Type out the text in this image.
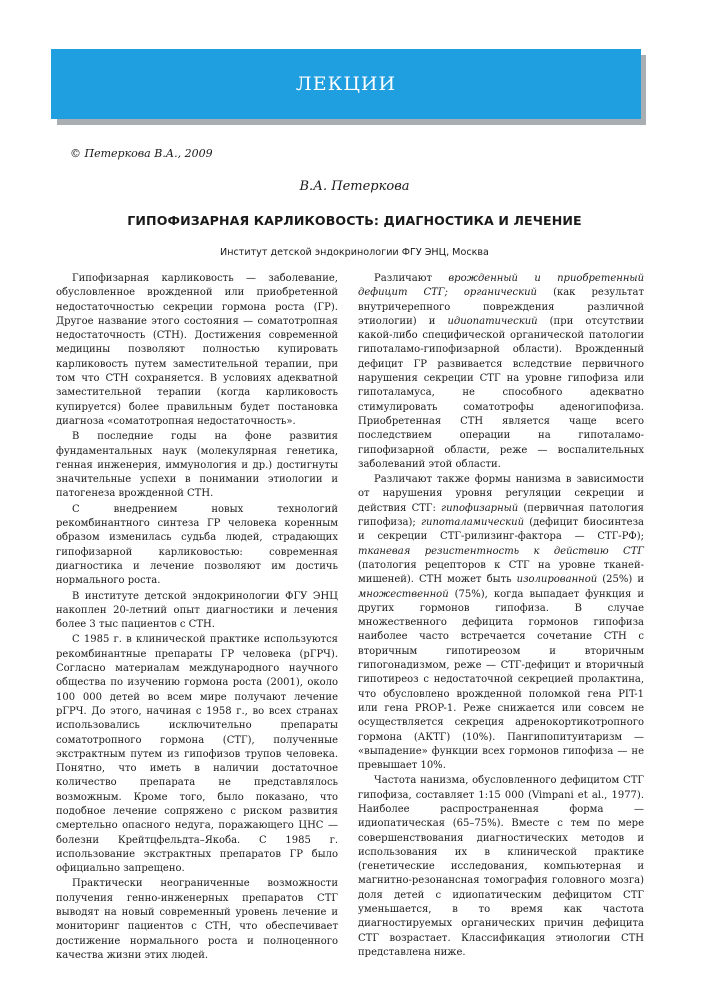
ЛЕКЦИИ
© Петеркова В.А., 2009
В.А. Петеркова
ГИПОФИЗАРНАЯ КАРЛИКОВОСТЬ: ДИАГНОСТИКА И ЛЕЧЕНИЕ
Институт детской эндокринологии ФГУ ЭНЦ, Москва

Гипофизарная карликовость — заболевание, обусловленное врожденной или приобретенной недостаточностью секреции гормона роста (ГР). Другое название этого состояния — соматотропная недостаточность (СТН). Достижения современной медицины позволяют полностью купировать карликовость путем заместительной терапии, при том что СТН сохраняется. В условиях адекватной заместительной терапии (когда карликовость купируется) более правильным будет постановка диагноза «соматотропная недостаточность».

В последние годы на фоне развития фундаментальных наук (молекулярная генетика, генная инженерия, иммунология и др.) достигнуты значительные успехи в понимании этиологии и патогенеза врожденной СТН.

С внедрением новых технологий рекомбинантного синтеза ГР человека коренным образом изменилась судьба людей, страдающих гипофизарной карликовостью: современная диагностика и лечение позволяют им достичь нормального роста.

В институте детской эндокринологии ФГУ ЭНЦ накоплен 20-летний опыт диагностики и лечения более 3 тыс пациентов с СТН.

С 1985 г. в клинической практике используются рекомбинантные препараты ГР человека (рГРЧ). Согласно материалам международного научного общества по изучению гормона роста (2001), около 100 000 детей во всем мире получают лечение рГРЧ. До этого, начиная с 1958 г., во всех странах использовались исключительно препараты соматотропного гормона (СТГ), полученные экстрактным путем из гипофизов трупов человека. Понятно, что иметь в наличии достаточное количество препарата не представлялось возможным. Кроме того, было показано, что подобное лечение сопряжено с риском развития смертельно опасного недуга, поражающего ЦНС — болезни Крейтцфельдта–Якоба. С 1985 г. использование экстрактных препаратов ГР было официально запрещено.

Практически неограниченные возможности получения генно-инженерных препаратов СТГ выводят на новый современный уровень лечение и мониторинг пациентов с СТН, что обеспечивает достижение нормального роста и полноценного качества жизни этих людей.

Различают врожденный и приобретенный дефицит СТГ; органический (как результат внутричерепного повреждения различной этиологии) и идиопатический (при отсутствии какой-либо специфической органической патологии гипоталамо-гипофизарной области). Врожденный дефицит ГР развивается вследствие первичного нарушения секреции СТГ на уровне гипофиза или гипоталамуса, не способного адекватно стимулировать соматотрофы аденогипофиза. Приобретенная СТН является чаще всего последствием операции на гипоталамо-гипофизарной области, реже — воспалительных заболеваний этой области.

Различают также формы нанизма в зависимости от нарушения уровня регуляции секреции и действия СТГ: гипофизарный (первичная патология гипофиза); гипоталамический (дефицит биосинтеза и секреции СТГ-рилизинг-фактора — СТГ-РФ); тканевая резистентность к действию СТГ (патология рецепторов к СТГ на уровне тканей-мишеней). СТН может быть изолированной (25%) и множественной (75%), когда выпадает функция и других гормонов гипофиза. В случае множественного дефицита гормонов гипофиза наиболее часто встречается сочетание СТН с вторичным гипотиреозом и вторичным гипогонадизмом, реже — СТГ-дефицит и вторичный гипотиреоз с недостаточной секрецией пролактина, что обусловлено врожденной поломкой гена PIT-1 или гена PROP-1. Реже снижается или совсем не осуществляется секреция адренокортикотропного гормона (АКТГ) (10%). Пангипопитуитаризм — «выпадение» функции всех гормонов гипофиза — не превышает 10%.

Частота нанизма, обусловленного дефицитом СТГ гипофиза, составляет 1:15 000 (Vimpani et al., 1977). Наиболее распространенная форма — идиопатическая (65–75%). Вместе с тем по мере совершенствования диагностических методов и использования их в клинической практике (генетические исследования, компьютерная и магнитно-резонансная томография головного мозга) доля детей с идиопатическим дефицитом СТГ уменьшается, в то время как частота диагностируемых органических причин дефицита СТГ возрастает. Классификация этиологии СТН представлена ниже.
